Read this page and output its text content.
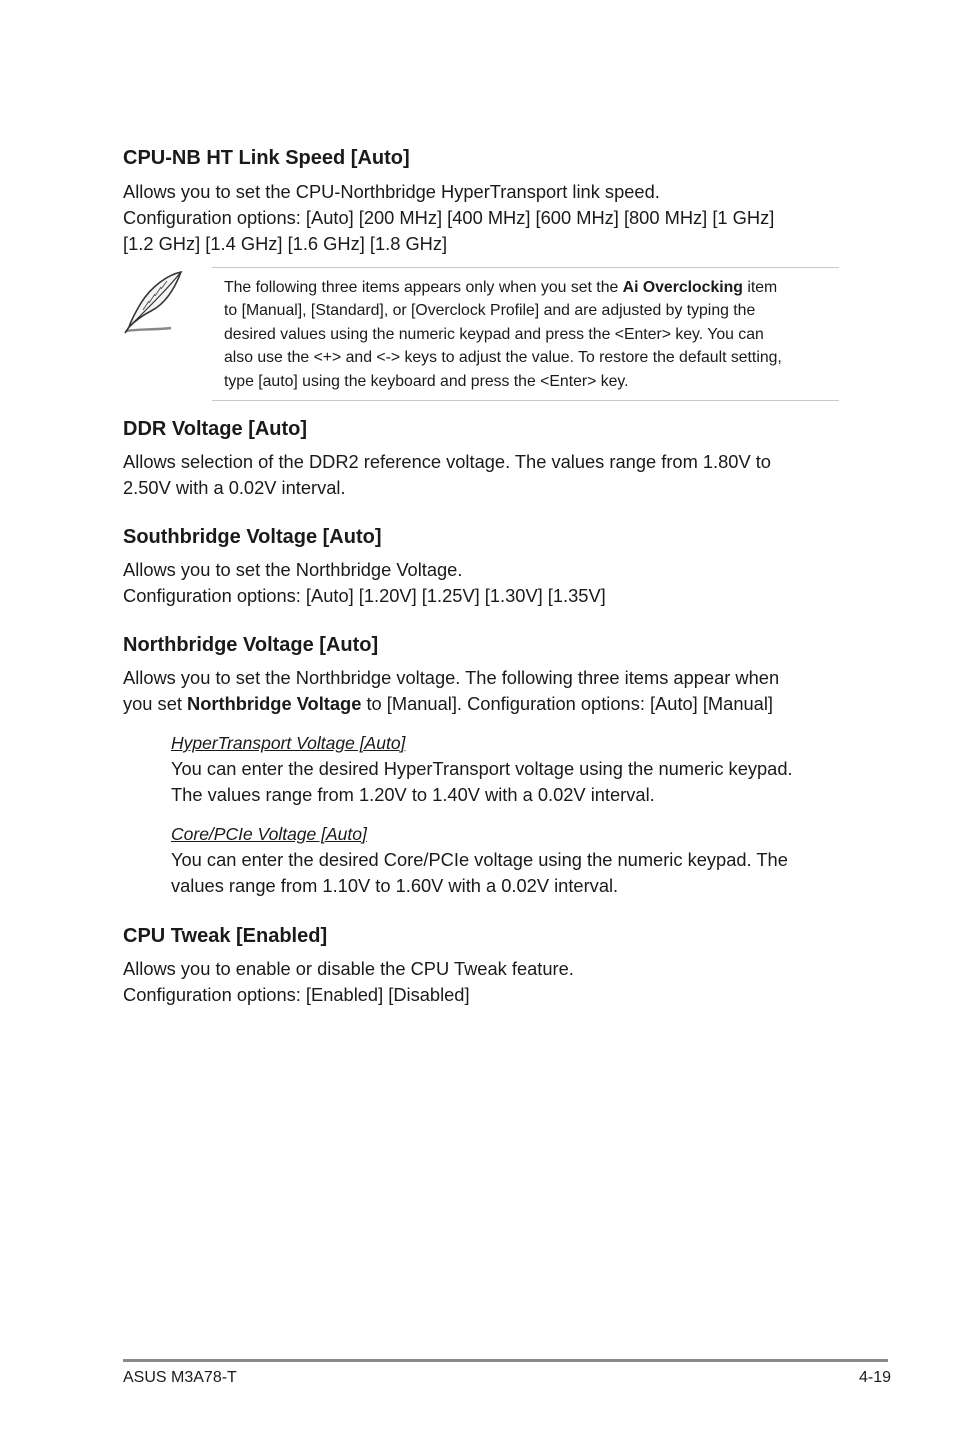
CPU-NB HT Link Speed [Auto]

Allows you to set the CPU-Northbridge HyperTransport link speed.
Configuration options: [Auto] [200 MHz] [400 MHz] [600 MHz] [800 MHz] [1 GHz]
[1.2 GHz] [1.4 GHz] [1.6 GHz] [1.8 GHz]

The following three items appears only when you set the Ai Overclocking item
to [Manual], [Standard], or [Overclock Profile] and are adjusted by typing the
desired values using the numeric keypad and press the <Enter> key. You can
also use the <+> and <-> keys to adjust the value. To restore the default setting,
type [auto] using the keyboard and press the <Enter> key.
DDR Voltage [Auto]

Allows selection of the DDR2 reference voltage. The values range from 1.80V to
2.50V with a 0.02V interval.

Southbridge Voltage [Auto]

Allows you to set the Northbridge Voltage.
Configuration options: [Auto] [1.20V] [1.25V] [1.30V] [1.35V]

Northbridge Voltage [Auto]

Allows you to set the Northbridge voltage. The following three items appear when
you set Northbridge Voltage to [Manual]. Configuration options: [Auto] [Manual]

HyperTransport Voltage [Auto]

You can enter the desired HyperTransport voltage using the numeric keypad.
The values range from 1.20V to 1.40V with a 0.02V interval.

Core/PCIe Voltage [Auto]

You can enter the desired Core/PCIe voltage using the numeric keypad. The
values range from 1.10V to 1.60V with a 0.02V interval.

CPU Tweak [Enabled]

Allows you to enable or disable the CPU Tweak feature.
Configuration options: [Enabled] [Disabled]

ASUS M3A78-T	4-19
